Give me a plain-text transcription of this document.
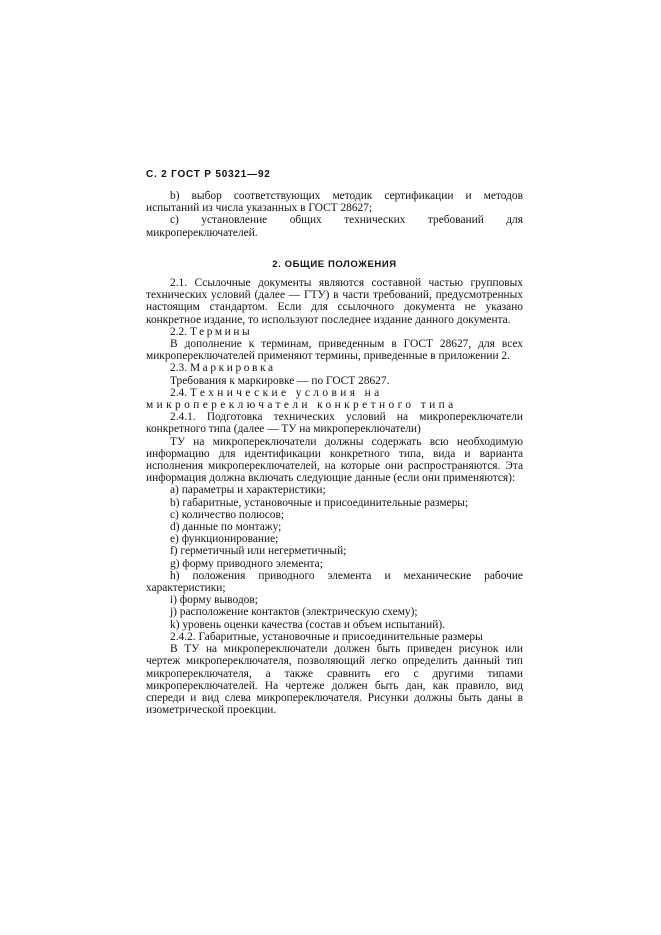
С. 2 ГОСТ Р 50321—92

b) выбор соответствующих методик сертификации и методов испытаний из числа указанных в ГОСТ 28627;

c) установление общих технических требований для микропереключателей.

2. ОБЩИЕ ПОЛОЖЕНИЯ

2.1. Ссылочные документы являются составной частью групповых технических условий (далее — ГТУ) в части требований, предусмотренных настоящим стандартом. Если для ссылочного документа не указано конкретное издание, то используют последнее издание данного документа.

2.2. Термины

В дополнение к терминам, приведенным в ГОСТ 28627, для всех микропереключателей применяют термины, приведенные в приложении 2.

2.3. Маркировка

Требования к маркировке — по ГОСТ 28627.

2.4. Технические условия на микропереключатели конкретного типа

2.4.1. Подготовка технических условий на микропереключатели конкретного типа (далее — ТУ на микропереключатели)

ТУ на микропереключатели должны содержать всю необходимую информацию для идентификации конкретного типа, вида и варианта исполнения микропереключателей, на которые они распространяются. Эта информация должна включать следующие данные (если они применяются):

a) параметры и характеристики;

b) габаритные, установочные и присоединительные размеры;

c) количество полюсов;

d) данные по монтажу;

e) функционирование;

f) герметичный или негерметичный;

g) форму приводного элемента;

h) положения приводного элемента и механические рабочие характеристики;

i) форму выводов;

j) расположение контактов (электрическую схему);

k) уровень оценки качества (состав и объем испытаний).

2.4.2. Габаритные, установочные и присоединительные размеры

В ТУ на микропереключатели должен быть приведен рисунок или чертеж микропереключателя, позволяющий легко определить данный тип микропереключателя, а также сравнить его с другими типами микропереключателей. На чертеже должен быть дан, как правило, вид спереди и вид слева микропереключателя. Рисунки должны быть даны в изометрической проекции.
